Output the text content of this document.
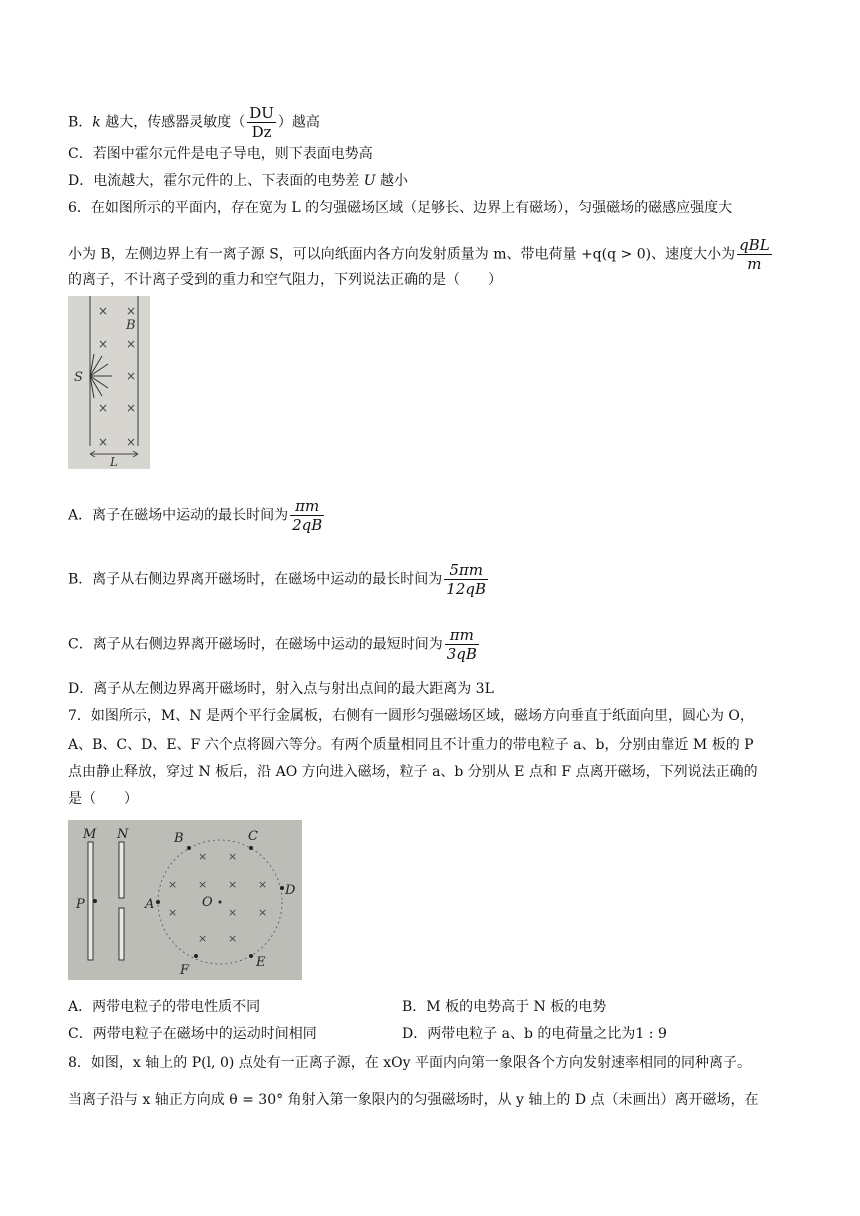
B．k 越大，传感器灵敏度（ $\frac{DU}{Dz}$ ）越高
C．若图中霍尔元件是电子导电，则下表面电势高
D．电流越大，霍尔元件的上、下表面的电势差 U 越小
6．在如图所示的平面内，存在宽为 L 的匀强磁场区域（足够长、边界上有磁场），匀强磁场的磁感应强度大
小为 B，左侧边界上有一离子源 S，可以向纸面内各方向发射质量为 m、带电荷量 +q(q > 0)、速度大小为 $\frac{\text{qBL}}{m}$
的离子，不计离子受到的重力和空气阻力，下列说法正确的是（　　）
× ×
× ×
×
× ×
× ×
B
S
L
A．离子在磁场中运动的最长时间为 $\frac{\pi m}{2qB}$
B．离子从右侧边界离开磁场时，在磁场中运动的最长时间为 $\frac{5\pi m}{12qB}$
C．离子从右侧边界离开磁场时，在磁场中运动的最短时间为 $\frac{\pi m}{3qB}$
D．离子从左侧边界离开磁场时，射入点与射出点间的最大距离为 3L
7．如图所示，M、N 是两个平行金属板，右侧有一圆形匀强磁场区域，磁场方向垂直于纸面向里，圆心为 O，
A、B、C、D、E、F 六个点将圆六等分。有两个质量相同且不计重力的带电粒子 a、b，分别由靠近 M 板的 P
点由静止释放，穿过 N 板后，沿 AO 方向进入磁场，粒子 a、b 分别从 E 点和 F 点离开磁场，下列说法正确的
是（　　）
M N
P	A
B	C
D
E
F
O
× ×
× × × ×
×	× ×
× ×
A．两带电粒子的带电性质不同	B．M 板的电势高于 N 板的电势
C．两带电粒子在磁场中的运动时间相同	D．两带电粒子 a、b 的电荷量之比为1 : 9
8．如图，x 轴上的 P(l, 0) 点处有一正离子源，在 xOy 平面内向第一象限各个方向发射速率相同的同种离子。
当离子沿与 x 轴正方向成 θ = 30° 角射入第一象限内的匀强磁场时，从 y 轴上的 D 点（未画出）离开磁场，在
